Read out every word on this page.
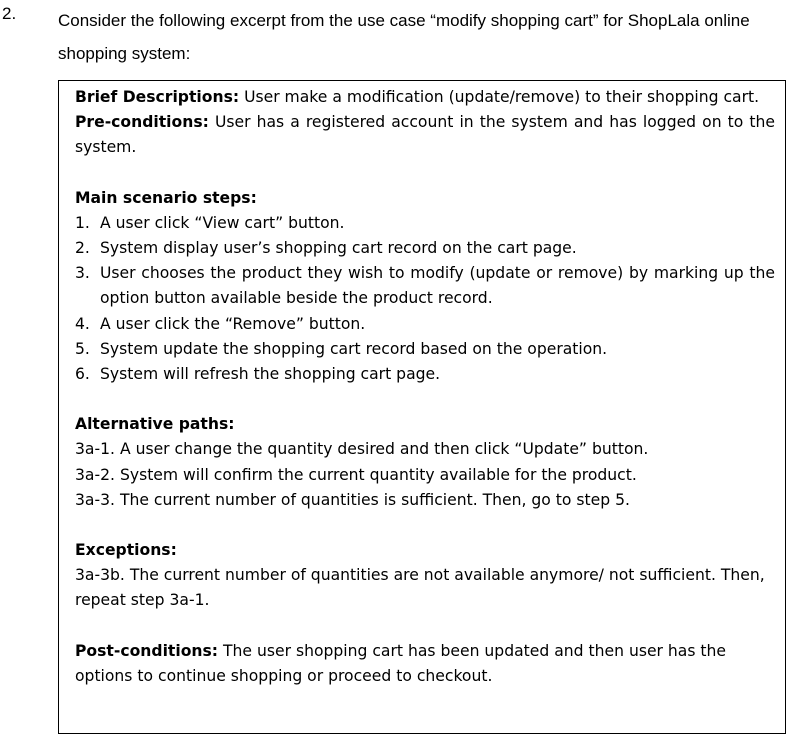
2. Consider the following excerpt from the use case “modify shopping cart” for ShopLala online shopping system:

Brief Descriptions: User make a modification (update/remove) to their shopping cart.

Pre-conditions: User has a registered account in the system and has logged on to the system.

Main scenario steps:

1. A user click “View cart” button.
2. System display user’s shopping cart record on the cart page.
3. User chooses the product they wish to modify (update or remove) by marking up the option button available beside the product record.
4. A user click the “Remove” button.
5. System update the shopping cart record based on the operation.
6. System will refresh the shopping cart page.

Alternative paths:

3a-1. A user change the quantity desired and then click “Update” button.

3a-2. System will confirm the current quantity available for the product.

3a-3. The current number of quantities is sufficient. Then, go to step 5.

Exceptions:

3a-3b. The current number of quantities are not available anymore/ not sufficient. Then, repeat step 3a-1.

Post-conditions: The user shopping cart has been updated and then user has the options to continue shopping or proceed to checkout.
